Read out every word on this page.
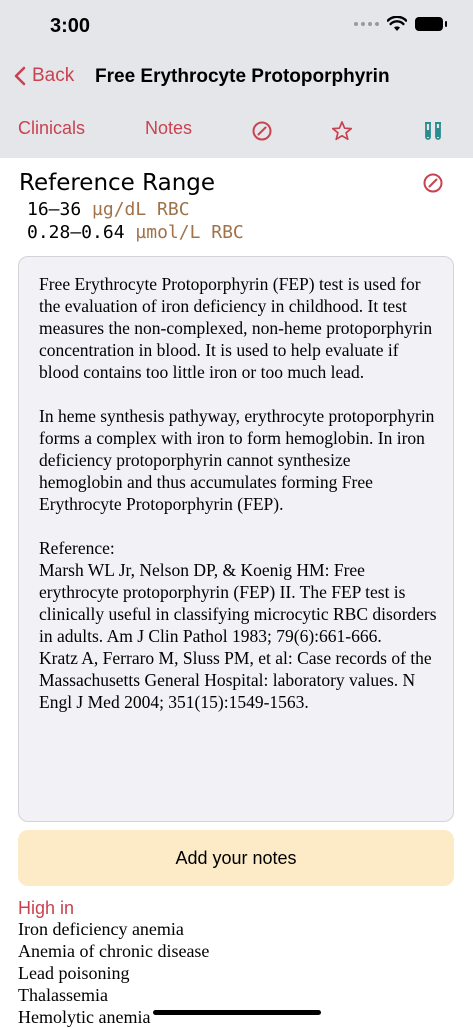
3:00
Back Free Erythrocyte Protoporphyrin
Clinicals	Notes
Reference Range
16–36 µg/dL RBC
0.28–0.64 µmol/L RBC

Free Erythrocyte Protoporphyrin (FEP) test is used for the evaluation of iron deficiency in childhood. It test measures the non-complexed, non-heme protoporphyrin concentration in blood. It is used to help evaluate if blood contains too little iron or too much lead.

In heme synthesis pathyway, erythrocyte protoporphyrin forms a complex with iron to form hemoglobin. In iron deficiency protoporphyrin cannot synthesize hemoglobin and thus accumulates forming Free Erythrocyte Protoporphyrin (FEP).

Reference:
Marsh WL Jr, Nelson DP, & Koenig HM: Free erythrocyte protoporphyrin (FEP) II. The FEP test is clinically useful in classifying microcytic RBC disorders in adults. Am J Clin Pathol 1983; 79(6):661-666.
Kratz A, Ferraro M, Sluss PM, et al: Case records of the Massachusetts General Hospital: laboratory values. N Engl J Med 2004; 351(15):1549-1563.

Add your notes
High in
Iron deficiency anemia
Anemia of chronic disease
Lead poisoning
Thalassemia
Hemolytic anemia
